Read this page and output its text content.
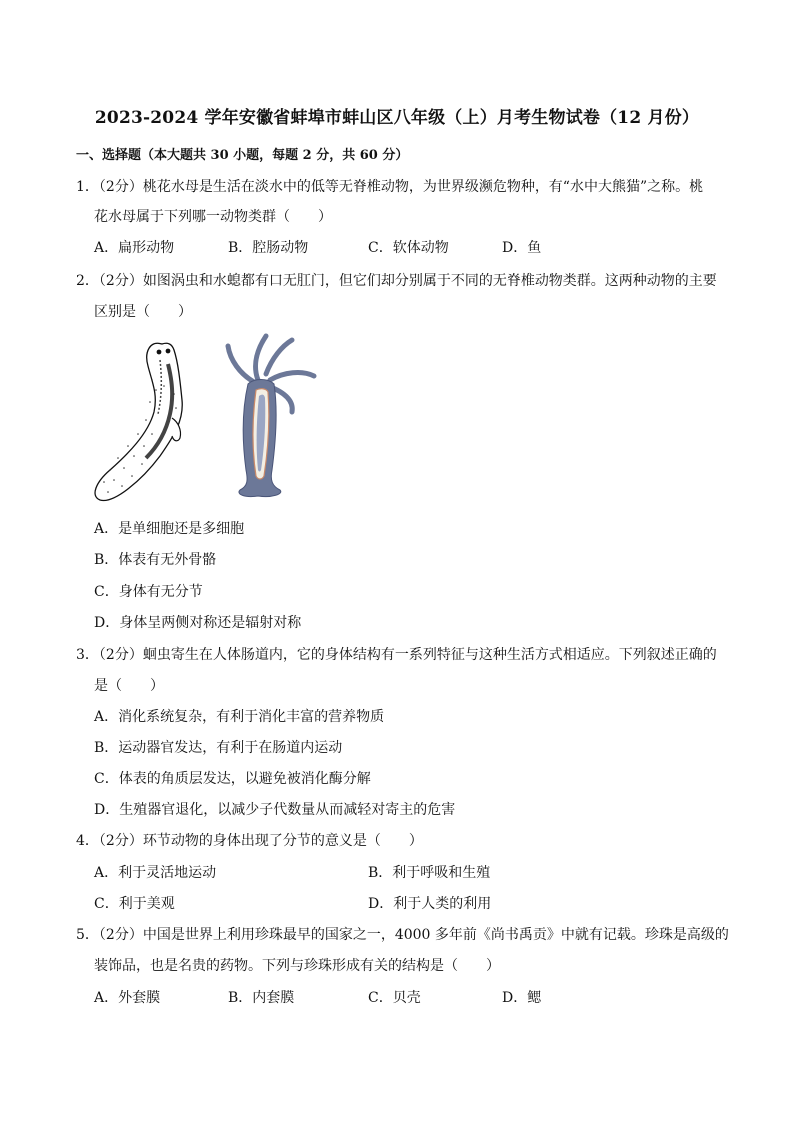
2023-2024 学年安徽省蚌埠市蚌山区八年级（上）月考生物试卷（12 月份）
一、选择题（本大题共 30 小题，每题 2 分，共 60 分）
1．（2分）桃花水母是生活在淡水中的低等无脊椎动物，为世界级濒危物种，有“水中大熊猫”之称。桃
花水母属于下列哪一动物类群（　　）
A．扁形动物	B．腔肠动物	C．软体动物	D．鱼
2．（2分）如图涡虫和水螅都有口无肛门，但它们却分别属于不同的无脊椎动物类群。这两种动物的主要
区别是（　　）
A．是单细胞还是多细胞
B．体表有无外骨骼
C．身体有无分节
D．身体呈两侧对称还是辐射对称
3．（2分）蛔虫寄生在人体肠道内，它的身体结构有一系列特征与这种生活方式相适应。下列叙述正确的
是（　　）
A．消化系统复杂，有利于消化丰富的营养物质
B．运动器官发达，有利于在肠道内运动
C．体表的角质层发达，以避免被消化酶分解
D．生殖器官退化，以减少子代数量从而减轻对寄主的危害
4．（2分）环节动物的身体出现了分节的意义是（　　）
A．利于灵活地运动	B．利于呼吸和生殖
C．利于美观	D．利于人类的利用
5．（2分）中国是世界上利用珍珠最早的国家之一，4000 多年前《尚书禹贡》中就有记载。珍珠是高级的
装饰品，也是名贵的药物。下列与珍珠形成有关的结构是（　　）
A．外套膜	B．内套膜	C．贝壳	D．鳃
